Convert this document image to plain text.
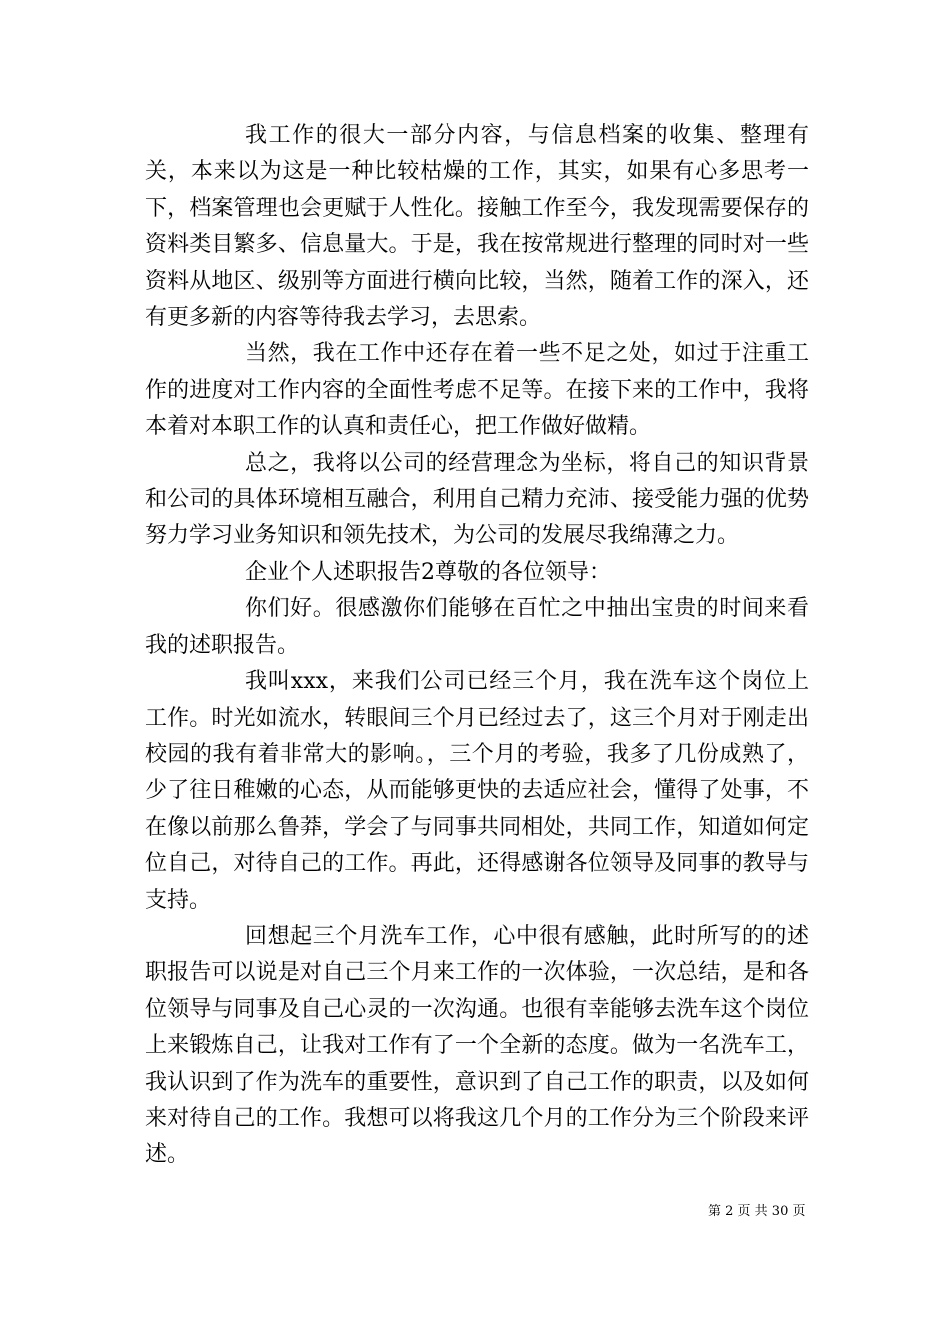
我工作的很大一部分内容，与信息档案的收集、整理有关，本来以为这是一种比较枯燥的工作，其实，如果有心多思考一下，档案管理也会更赋于人性化。接触工作至今，我发现需要保存的资料类目繁多、信息量大。于是，我在按常规进行整理的同时对一些资料从地区、级别等方面进行横向比较，当然，随着工作的深入，还有更多新的内容等待我去学习，去思索。

当然，我在工作中还存在着一些不足之处，如过于注重工作的进度对工作内容的全面性考虑不足等。在接下来的工作中，我将本着对本职工作的认真和责任心，把工作做好做精。

总之，我将以公司的经营理念为坐标，将自己的知识背景和公司的具体环境相互融合，利用自己精力充沛、接受能力强的优势努力学习业务知识和领先技术，为公司的发展尽我绵薄之力。

企业个人述职报告2尊敬的各位领导：

你们好。很感激你们能够在百忙之中抽出宝贵的时间来看我的述职报告。

我叫xxx，来我们公司已经三个月，我在洗车这个岗位上工作。时光如流水，转眼间三个月已经过去了，这三个月对于刚走出校园的我有着非常大的影响。，三个月的考验，我多了几份成熟了，少了往日稚嫩的心态，从而能够更快的去适应社会，懂得了处事，不在像以前那么鲁莽，学会了与同事共同相处，共同工作，知道如何定位自己，对待自己的工作。再此，还得感谢各位领导及同事的教导与支持。

回想起三个月洗车工作，心中很有感触，此时所写的的述职报告可以说是对自己三个月来工作的一次体验，一次总结，是和各位领导与同事及自己心灵的一次沟通。也很有幸能够去洗车这个岗位上来锻炼自己，让我对工作有了一个全新的态度。做为一名洗车工，我认识到了作为洗车的重要性，意识到了自己工作的职责，以及如何来对待自己的工作。我想可以将我这几个月的工作分为三个阶段来评述。

第 2 页 共 30 页
